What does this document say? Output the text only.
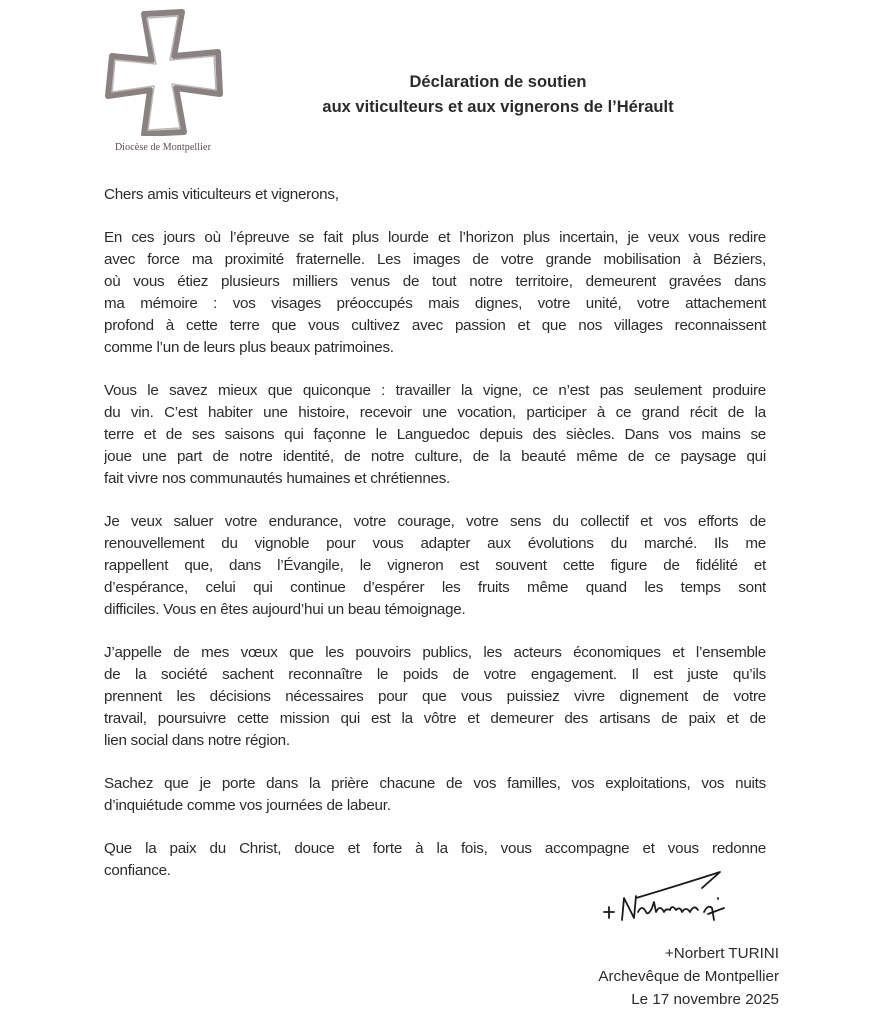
Diocèse de Montpellier
Déclaration de soutien
aux viticulteurs et aux vignerons de l’Hérault
Chers amis viticulteurs et vignerons,
En ces jours où l’épreuve se fait plus lourde et l’horizon plus incertain, je veux vous redire
avec force ma proximité fraternelle. Les images de votre grande mobilisation à Béziers,
où vous étiez plusieurs milliers venus de tout notre territoire, demeurent gravées dans
ma mémoire : vos visages préoccupés mais dignes, votre unité, votre attachement
profond à cette terre que vous cultivez avec passion et que nos villages reconnaissent
comme l’un de leurs plus beaux patrimoines.
Vous le savez mieux que quiconque : travailler la vigne, ce n’est pas seulement produire
du vin. C’est habiter une histoire, recevoir une vocation, participer à ce grand récit de la
terre et de ses saisons qui façonne le Languedoc depuis des siècles. Dans vos mains se
joue une part de notre identité, de notre culture, de la beauté même de ce paysage qui
fait vivre nos communautés humaines et chrétiennes.
Je veux saluer votre endurance, votre courage, votre sens du collectif et vos efforts de
renouvellement du vignoble pour vous adapter aux évolutions du marché. Ils me
rappellent que, dans l’Évangile, le vigneron est souvent cette figure de fidélité et
d’espérance, celui qui continue d’espérer les fruits même quand les temps sont
difficiles. Vous en êtes aujourd’hui un beau témoignage.
J’appelle de mes vœux que les pouvoirs publics, les acteurs économiques et l’ensemble
de la société sachent reconnaître le poids de votre engagement. Il est juste qu’ils
prennent les décisions nécessaires pour que vous puissiez vivre dignement de votre
travail, poursuivre cette mission qui est la vôtre et demeurer des artisans de paix et de
lien social dans notre région.
Sachez que je porte dans la prière chacune de vos familles, vos exploitations, vos nuits
d’inquiétude comme vos journées de labeur.
Que la paix du Christ, douce et forte à la fois, vous accompagne et vous redonne
confiance.
+Norbert TURINI
Archevêque de Montpellier
Le 17 novembre 2025
